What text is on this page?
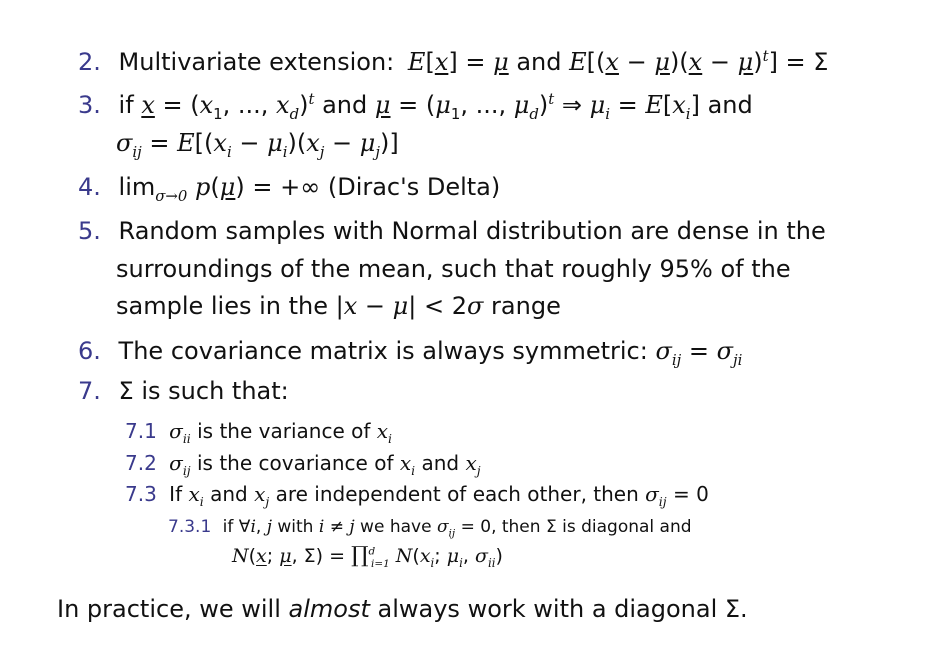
2. Multivariate extension: E[x] = μ and $E[(x - \mu)(x - \mu)^t] = \Sigma$
3. if $x = (x_1$, ..., $x_d)^t$ and $\mu = (\mu_1$, ..., $\mu_d)^t$ ⇒ $\mu_i = E[x_i]$ and
$\sigma_{ij} = E[(x_i - \mu_i)(x_j - \mu_j)]$
4. $\lim_{\sigma\to 0} p(\mu)$ = +∞ (Dirac's Delta)
5. Random samples with Normal distribution are dense in the
surroundings of the mean, such that roughly 95% of the
sample lies in the |x − μ| < 2σ range
6. The covariance matrix is always symmetric: $\sigma_{ij} = \sigma_{ji}$
7. Σ is such that:
7.1 $\sigma_{ii}$ is the variance of $x_i$
7.2 $\sigma_{ij}$ is the covariance of $x_i$ and $x_j$
7.3 If $x_i$ and $x_j$ are independent of each other, then $\sigma_{ij} = 0$
7.3.1 if ∀i, j with i ≠ j we have $\sigma_{ij} = 0$, then Σ is diagonal and
N(x; μ, Σ) = ∏$^d_{i=1}$ $N(x_i$; $\mu_i$, $\sigma_{ii}$)
In practice, we will almost always work with a diagonal Σ.
